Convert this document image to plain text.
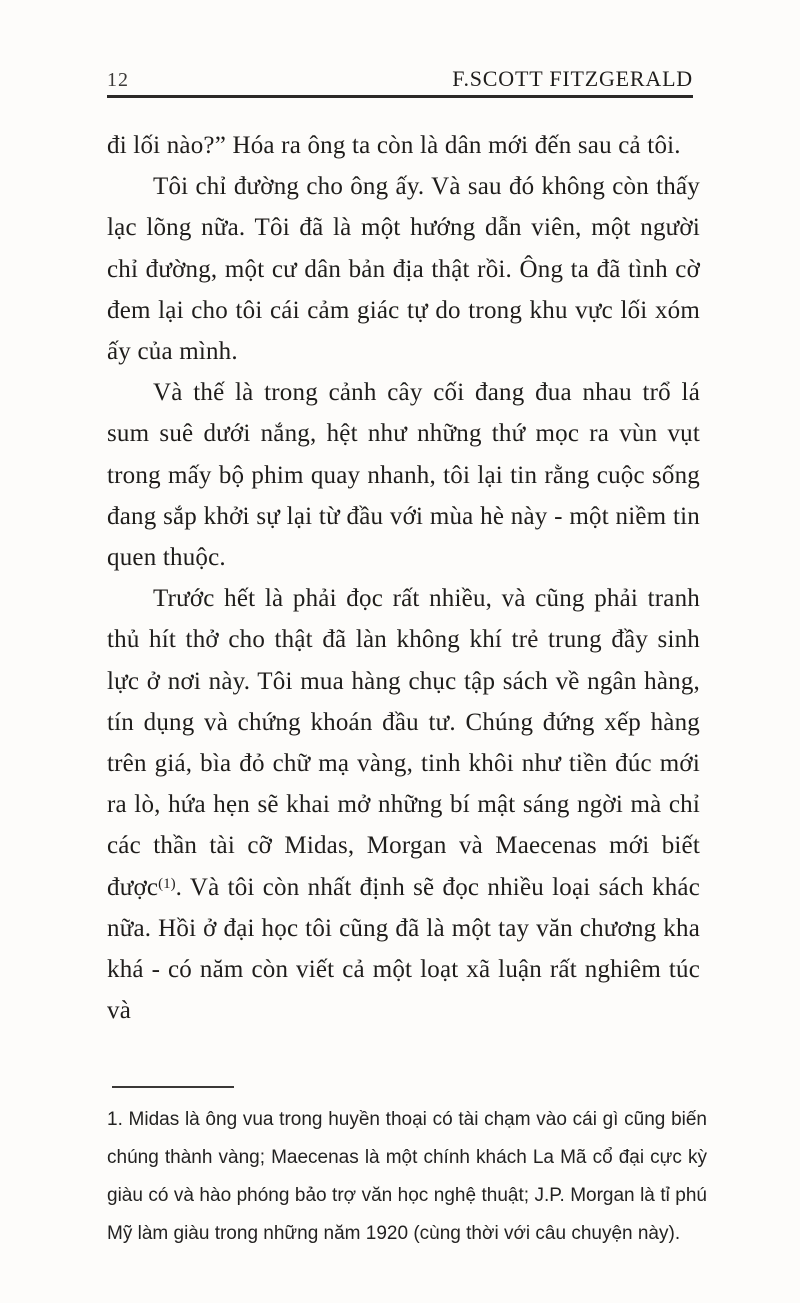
12	F.SCOTT FITZGERALD

đi lối nào?” Hóa ra ông ta còn là dân mới đến sau cả tôi.

Tôi chỉ đường cho ông ấy. Và sau đó không còn thấy lạc lõng nữa. Tôi đã là một hướng dẫn viên, một người chỉ đường, một cư dân bản địa thật rồi. Ông ta đã tình cờ đem lại cho tôi cái cảm giác tự do trong khu vực lối xóm ấy của mình.

Và thế là trong cảnh cây cối đang đua nhau trổ lá sum suê dưới nắng, hệt như những thứ mọc ra vùn vụt trong mấy bộ phim quay nhanh, tôi lại tin rằng cuộc sống đang sắp khởi sự lại từ đầu với mùa hè này - một niềm tin quen thuộc.

Trước hết là phải đọc rất nhiều, và cũng phải tranh thủ hít thở cho thật đã làn không khí trẻ trung đầy sinh lực ở nơi này. Tôi mua hàng chục tập sách về ngân hàng, tín dụng và chứng khoán đầu tư. Chúng đứng xếp hàng trên giá, bìa đỏ chữ mạ vàng, tinh khôi như tiền đúc mới ra lò, hứa hẹn sẽ khai mở những bí mật sáng ngời mà chỉ các thần tài cỡ Midas, Morgan và Maecenas mới biết được$^{(1)}$. Và tôi còn nhất định sẽ đọc nhiều loại sách khác nữa. Hồi ở đại học tôi cũng đã là một tay văn chương kha khá - có năm còn viết cả một loạt xã luận rất nghiêm túc và

1. Midas là ông vua trong huyền thoại có tài chạm vào cái gì cũng biến chúng thành vàng; Maecenas là một chính khách La Mã cổ đại cực kỳ giàu có và hào phóng bảo trợ văn học nghệ thuật; J.P. Morgan là tỉ phú Mỹ làm giàu trong những năm 1920 (cùng thời với câu chuyện này).
